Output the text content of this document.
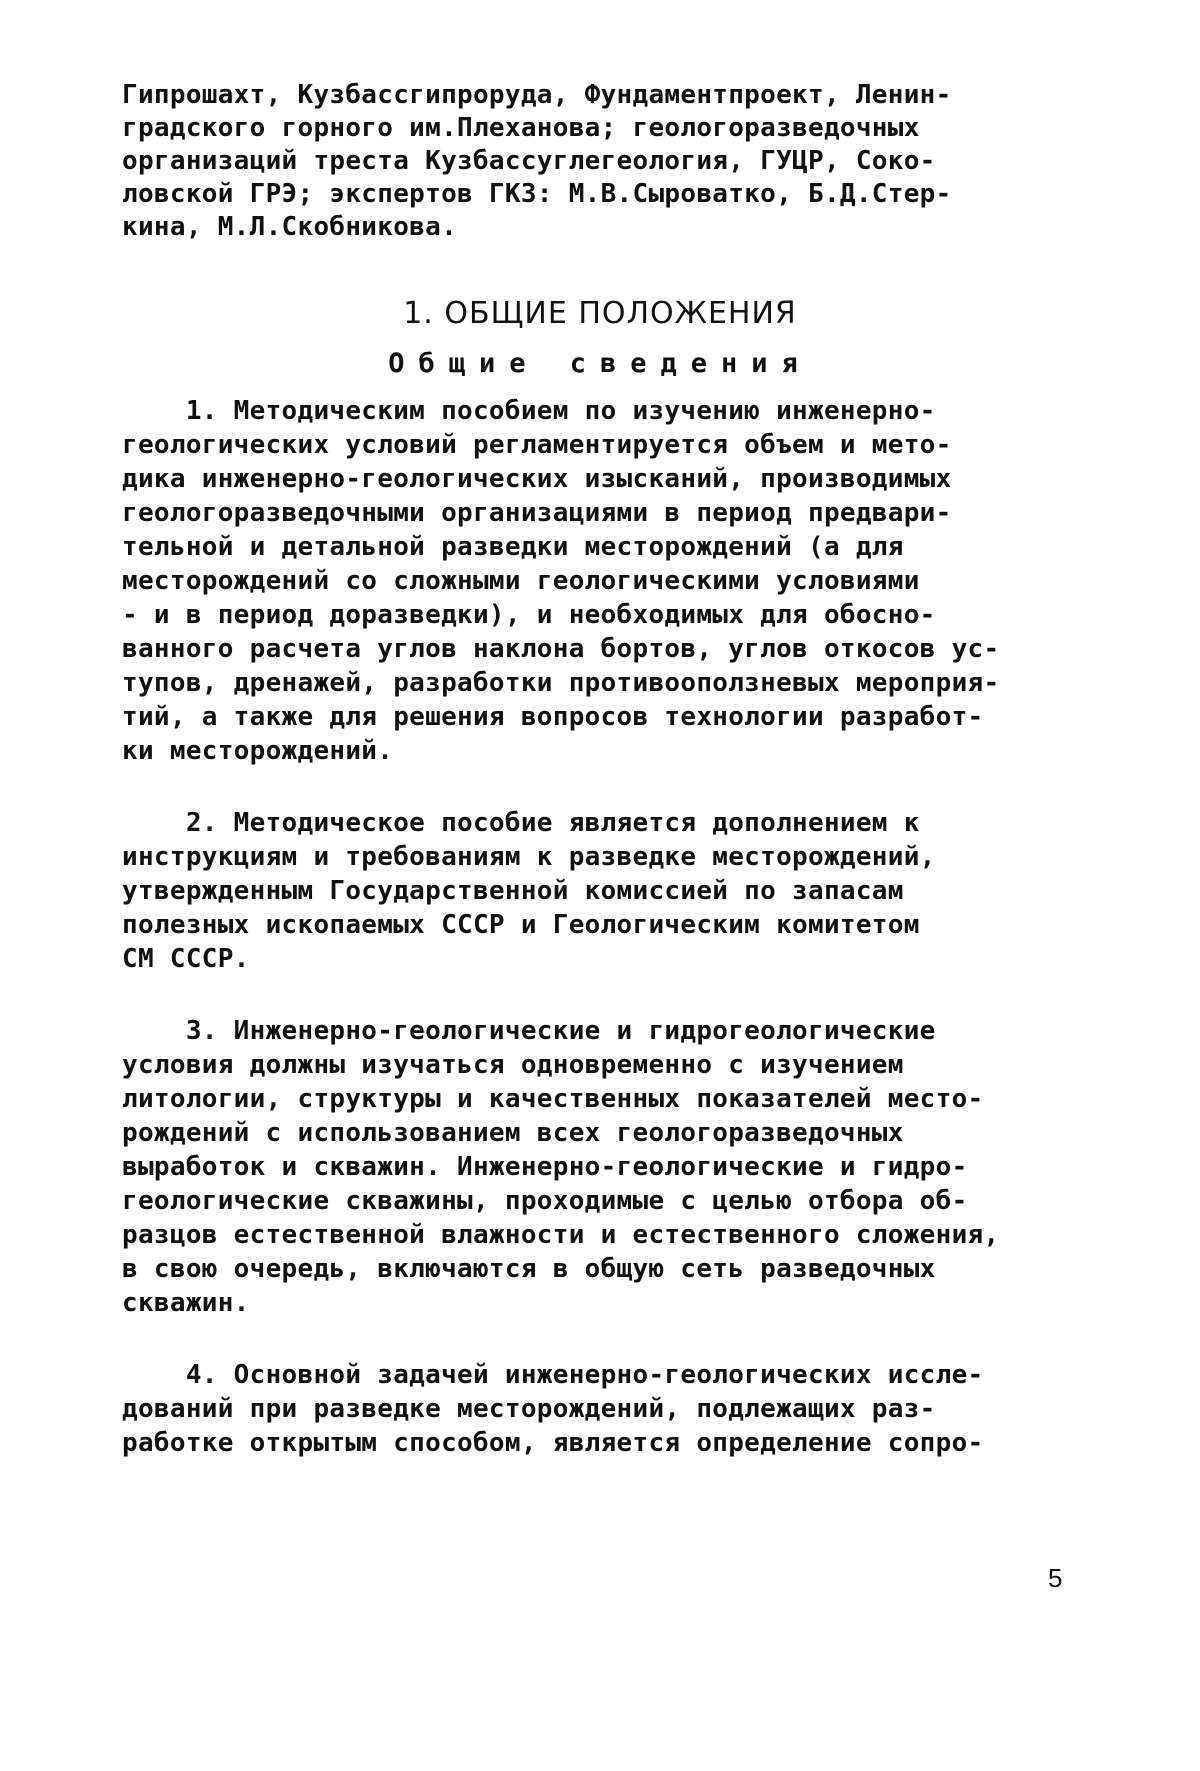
Гипрошахт, Кузбассгипроруда, Фундаментпроект, Ленин-
градского горного им.Плеханова; геологоразведочных
организаций треста Кузбассуглегеология, ГУЦР, Соко-
ловской ГРЭ; экспертов ГКЗ: М.В.Сыроватко, Б.Д.Стер-
кина, М.Л.Скобникова.
1. ОБЩИЕ ПОЛОЖЕНИЯ
Общие сведения
1. Методическим пособием по изучению инженерно-
геологических условий регламентируется объем и мето-
дика инженерно-геологических изысканий, производимых
геологоразведочными организациями в период предвари-
тельной и детальной разведки месторождений (а для
месторождений со сложными геологическими условиями
- и в период доразведки), и необходимых для обосно-
ванного расчета углов наклона бортов, углов откосов ус-
тупов, дренажей, разработки противооползневых мероприя-
тий, а также для решения вопросов технологии разработ-
ки месторождений.
2. Методическое пособие является дополнением к
инструкциям и требованиям к разведке месторождений,
утвержденным Государственной комиссией по запасам
полезных ископаемых СССР и Геологическим комитетом
СМ СССР.
3. Инженерно-геологические и гидрогеологические
условия должны изучаться одновременно с изучением
литологии, структуры и качественных показателей место-
рождений с использованием всех геологоразведочных
выработок и скважин. Инженерно-геологические и гидро-
геологические скважины, проходимые с целью отбора об-
разцов естественной влажности и естественного сложения,
в свою очередь, включаются в общую сеть разведочных
скважин.
4. Основной задачей инженерно-геологических иссле-
дований при разведке месторождений, подлежащих раз-
работке открытым способом, является определение сопро-
5
